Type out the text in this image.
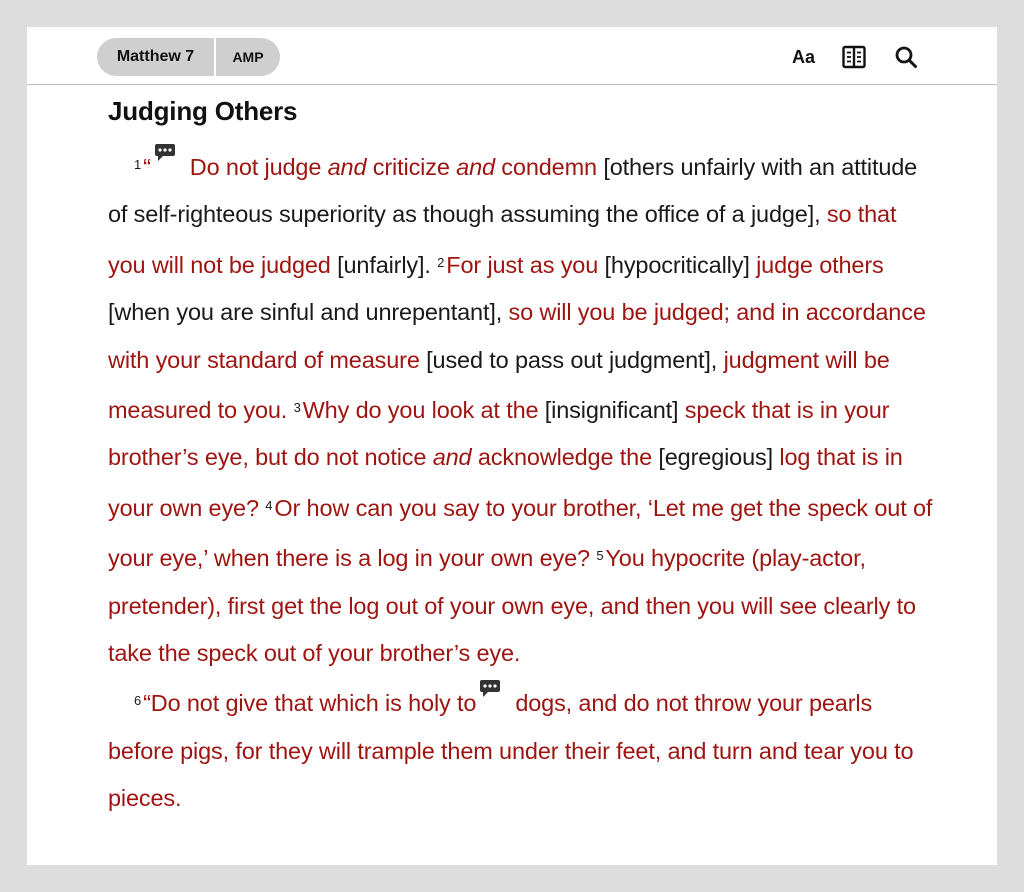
Matthew 7	AMP	Aa
Judging Others

$^1$“ Do not judge and criticize and condemn [others unfairly with an attitude of self-righteous superiority as though assuming the office of a judge], so that you will not be judged [unfairly]. $^2$For just as you [hypocritically] judge others [when you are sinful and unrepentant], so will you be judged; and in accordance with your standard of measure [used to pass out judgment], judgment will be measured to you. $^3$Why do you look at the [insignificant] speck that is in your brother’s eye, but do not notice and acknowledge the [egregious] log that is in your own eye? $^4$Or how can you say to your brother, ‘Let me get the speck out of your eye,’ when there is a log in your own eye? $^5$You hypocrite (play-actor, pretender), first get the log out of your own eye, and then you will see clearly to take the speck out of your brother’s eye.

$^6$“Do not give that which is holy to dogs, and do not throw your pearls before pigs, for they will trample them under their feet, and turn and tear you to pieces.
